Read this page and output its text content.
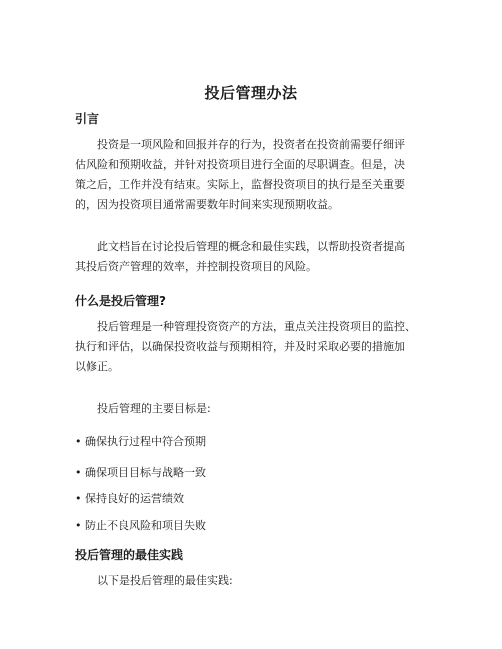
投后管理办法
引言
投资是一项风险和回报并存的行为，投资者在投资前需要仔细评
估风险和预期收益，并针对投资项目进行全面的尽职调查。但是，决
策之后，工作并没有结束。实际上，监督投资项目的执行是至关重要
的，因为投资项目通常需要数年时间来实现预期收益。
此文档旨在讨论投后管理的概念和最佳实践，以帮助投资者提高
其投后资产管理的效率，并控制投资项目的风险。
什么是投后管理?
投后管理是一种管理投资资产的方法，重点关注投资项目的监控、
执行和评估，以确保投资收益与预期相符，并及时采取必要的措施加
以修正。
投后管理的主要目标是:
• 确保执行过程中符合预期
• 确保项目目标与战略一致
• 保持良好的运营绩效
• 防止不良风险和项目失败
投后管理的最佳实践
以下是投后管理的最佳实践:
